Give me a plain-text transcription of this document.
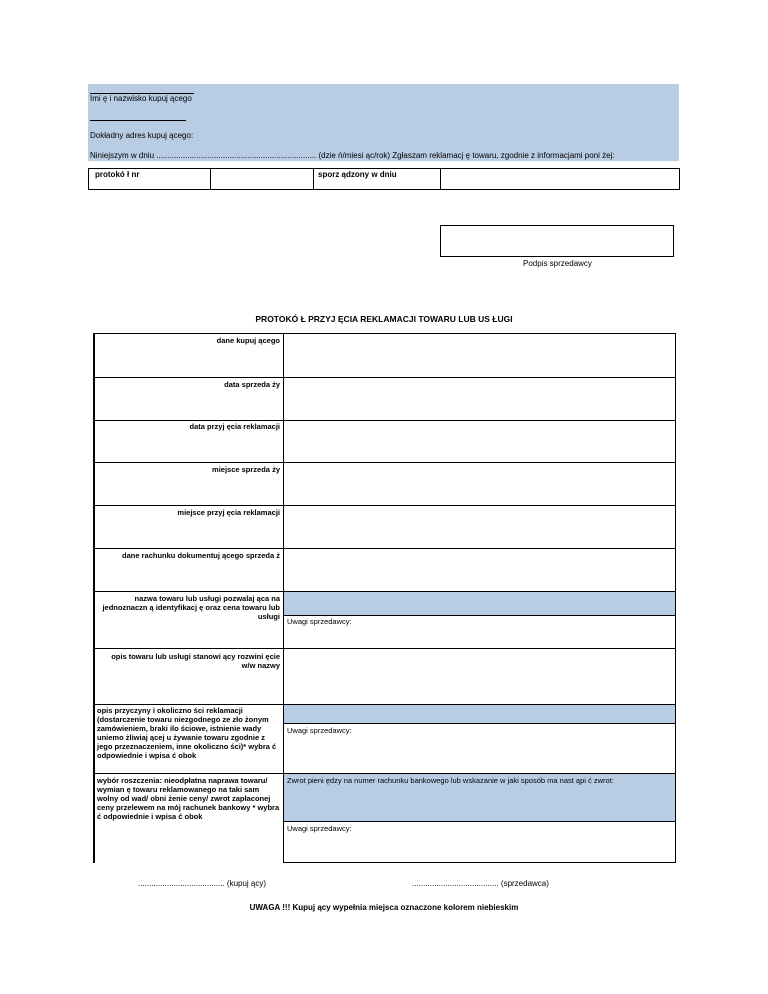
Imi ę i nazwisko kupuj ącego
Dokładny adres kupuj ącego:
Niniejszym w dniu ........................................................................ (dzie ń/miesi ąc/rok) Zgłaszam reklamacj ę towaru, zgodnie z informacjami poni żej:
protokó ł nr	sporz ądzony w dniu
Podpis sprzedawcy
PROTOKÓ Ł PRZYJ ĘCIA REKLAMACJI TOWARU LUB US ŁUGI
dane kupuj ącego
data sprzeda ży
data przyj ęcia reklamacji
miejsce sprzeda ży
miejsce przyj ęcia reklamacji
dane rachunku dokumentuj ącego sprzeda ż
nazwa towaru lub usługi pozwalaj ąca na jednoznaczn ą identyfikacj ę oraz cena towaru lub usługi
Uwagi sprzedawcy:
opis towaru lub usługi stanowi ący rozwini ęcie w/w nazwy
opis przyczyny i okoliczno ści reklamacji (dostarczenie towaru niezgodnego ze zło żonym zamówieniem, braki ilo ściowe, istnienie wady uniemo żliwiaj ącej u żywanie towaru zgodnie z jego przeznaczeniem, inne okoliczno ści)* wybra ć odpowiednie i wpisa ć obok
Uwagi sprzedawcy:
wybór roszczenia: nieodpłatna naprawa towaru/ wymian ę towaru reklamowanego na taki sam wolny od wad/ obni żenie ceny/ zwrot zapłaconej ceny przelewem na mój rachunek bankowy * wybra ć odpowiednie i wpisa ć obok
Zwrot pieni ędzy na numer rachunku bankowego lub wskazanie w jaki sposób ma nast ąpi ć zwrot:
Uwagi sprzedawcy:
....................................... (kupuj ący)	....................................... (sprzedawca)
UWAGA !!! Kupuj ący wypełnia miejsca oznaczone kolorem niebieskim
